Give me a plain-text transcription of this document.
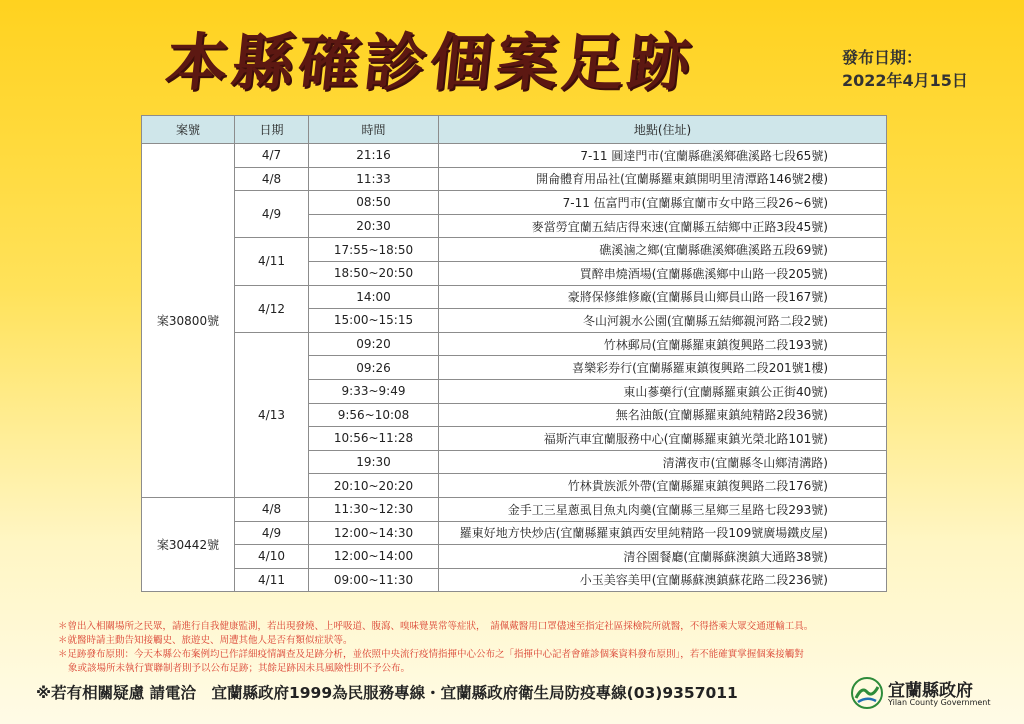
本縣確診個案足跡	發布日期：
2022年4月15日
案號	日期	時間	地點(住址)
案30800號	4/7	21:16	7-11 圓達門市(宜蘭縣礁溪鄉礁溪路七段65號)
	4/8	11:33	開侖體育用品社(宜蘭縣羅東鎮開明里清潭路146號2樓)
	4/9	08:50	7-11 伍富門市(宜蘭縣宜蘭市女中路三段26~6號)
		20:30	麥當勞宜蘭五結店得來速(宜蘭縣五結鄉中正路3段45號)
	4/11	17:55~18:50	礁溪滷之鄉(宜蘭縣礁溪鄉礁溪路五段69號)
		18:50~20:50	買醉串燒酒場(宜蘭縣礁溪鄉中山路一段205號)
	4/12	14:00	豪將保修維修廠(宜蘭縣員山鄉員山路一段167號)
		15:00~15:15	冬山河親水公園(宜蘭縣五結鄉親河路二段2號)
	4/13	09:20	竹林郵局(宜蘭縣羅東鎮復興路二段193號)
		09:26	喜樂彩券行(宜蘭縣羅東鎮復興路二段201號1樓)
		9:33~9:49	東山蔘藥行(宜蘭縣羅東鎮公正街40號)
		9:56~10:08	無名油飯(宜蘭縣羅東鎮純精路2段36號)
		10:56~11:28	福斯汽車宜蘭服務中心(宜蘭縣羅東鎮光榮北路101號)
		19:30	清溝夜市(宜蘭縣冬山鄉清溝路)
		20:10~20:20	竹林貴族派外帶(宜蘭縣羅東鎮復興路二段176號)
案30442號	4/8	11:30~12:30	金手工三星蔥虱目魚丸肉羹(宜蘭縣三星鄉三星路七段293號)
	4/9	12:00~14:30	羅東好地方快炒店(宜蘭縣羅東鎮西安里純精路一段109號廣場鐵皮屋)
	4/10	12:00~14:00	清谷園餐廳(宜蘭縣蘇澳鎮大通路38號)
	4/11	09:00~11:30	小玉美容美甲(宜蘭縣蘇澳鎮蘇花路二段236號)

＊曾出入相關場所之民眾，請進行自我健康監測，若出現發燒、上呼吸道、腹瀉、嗅味覺異常等症狀，　請佩戴醫用口罩儘速至指定社區採檢院所就醫，不得搭乘大眾交通運輸工具。

＊就醫時請主動告知接觸史、旅遊史、周遭其他人是否有類似症狀等。

＊足跡發布原則：今天本縣公布案例均已作詳細疫情調查及足跡分析，並依照中央流行疫情指揮中心公布之「指揮中心記者會確診個案資料發布原則」，若不能確實掌握個案接觸對

象或該場所未執行實聯制者則予以公布足跡；其餘足跡因未具風險性則不予公布。

※若有相關疑慮 請電洽　宜蘭縣政府1999為民服務專線・宜蘭縣政府衛生局防疫專線(03)9357011	宜蘭縣政府
Yilan County Government
